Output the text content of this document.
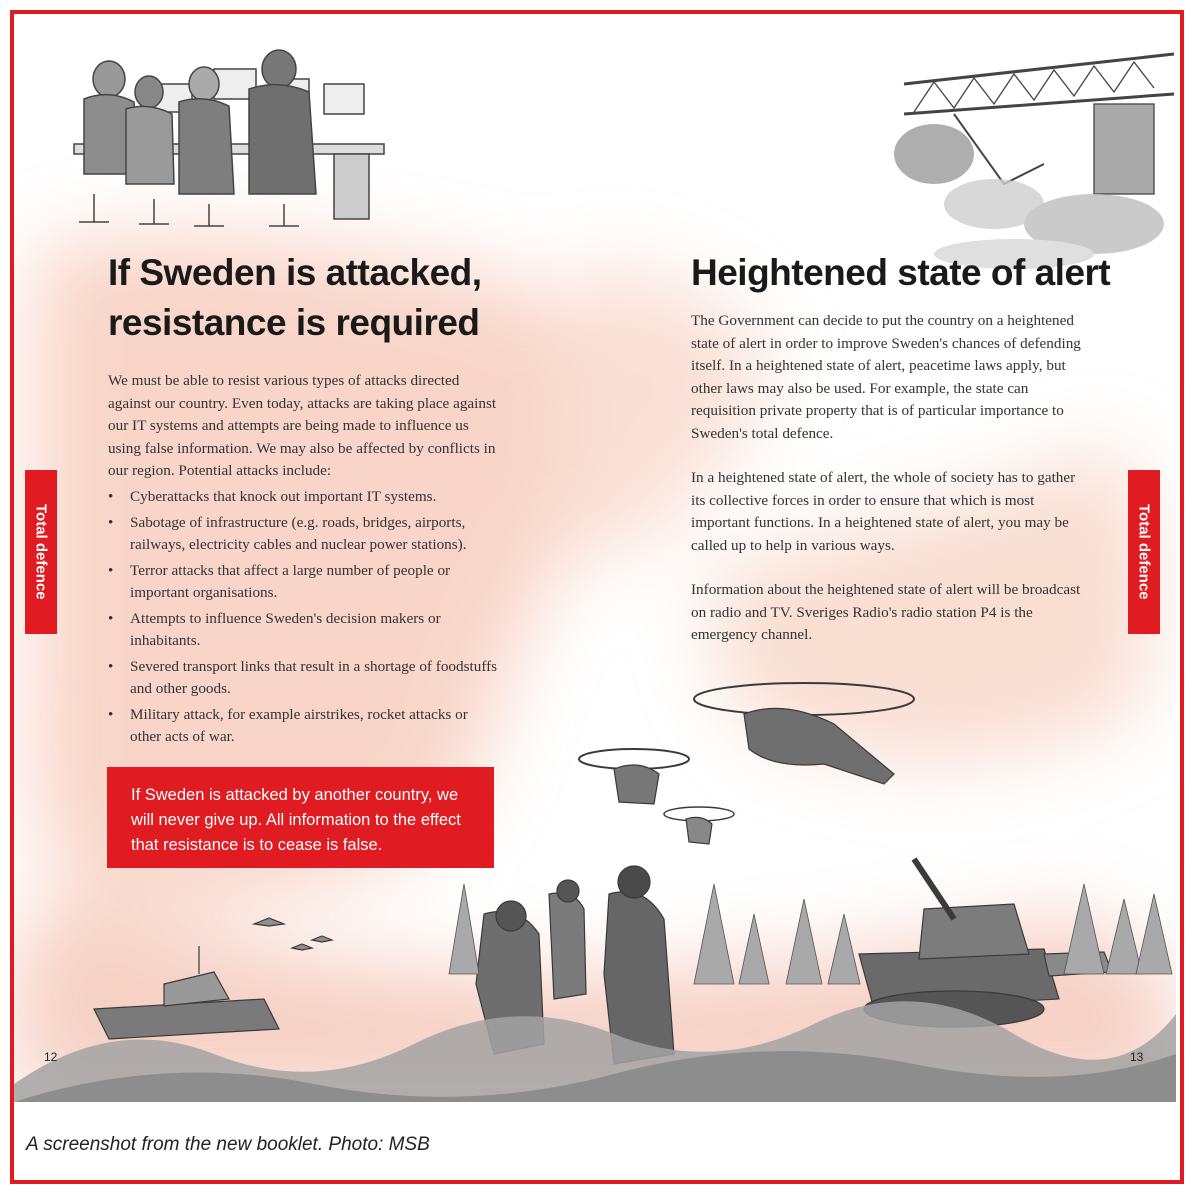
If Sweden is attacked,
resistance is required

We must be able to resist various types of attacks directed against our country. Even today, attacks are taking place against our IT systems and attempts are being made to influence us using false information. We may also be affected by conflicts in our region. Potential attacks include:

• Cyberattacks that knock out important IT systems.
• Sabotage of infrastructure (e.g. roads, bridges, airports, railways, electricity cables and nuclear power stations).
• Terror attacks that affect a large number of people or important organisations.
• Attempts to influence Sweden's decision makers or inhabitants.
• Severed transport links that result in a shortage of foodstuffs and other goods.
• Military attack, for example airstrikes, rocket attacks or other acts of war.
If Sweden is attacked by another country, we will never give up. All information to the effect that resistance is to cease is false.
Total defence
12
Heightened state of alert

The Government can decide to put the country on a heightened state of alert in order to improve Sweden's chances of defending itself. In a heightened state of alert, peacetime laws apply, but other laws may also be used. For example, the state can requisition private property that is of particular importance to Sweden's total defence.

In a heightened state of alert, the whole of society has to gather its collective forces in order to ensure that which is most important functions. In a heightened state of alert, you may be called up to help in various ways.

Information about the heightened state of alert will be broadcast on radio and TV. Sveriges Radio's radio station P4 is the emergency channel.

Total defence
13
A screenshot from the new booklet. Photo: MSB
